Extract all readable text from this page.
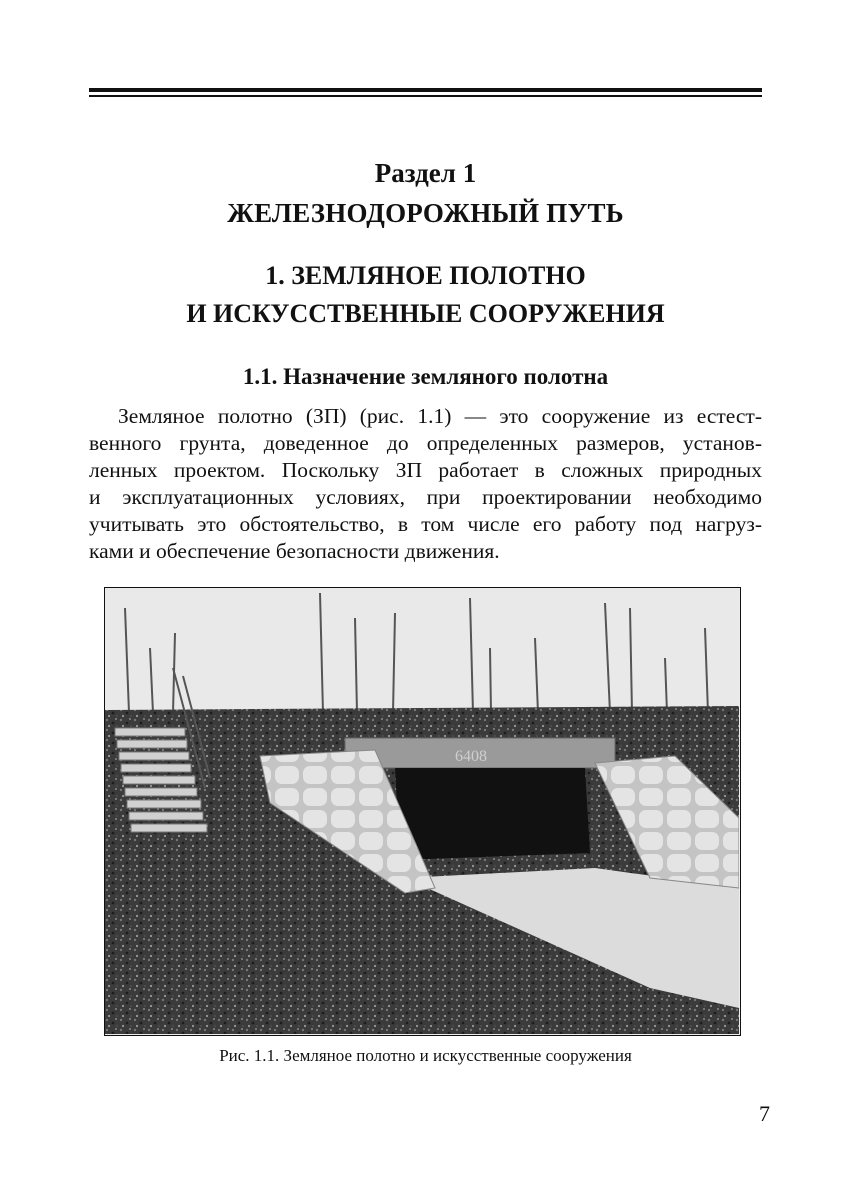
Раздел 1
ЖЕЛЕЗНОДОРОЖНЫЙ ПУТЬ
1. ЗЕМЛЯНОЕ ПОЛОТНО
И ИСКУССТВЕННЫЕ СООРУЖЕНИЯ
1.1. Назначение земляного полотна
Земляное полотно (ЗП) (рис. 1.1) — это сооружение из естест-
венного грунта, доведенное до определенных размеров, установ-
ленных проектом. Поскольку ЗП работает в сложных природных
и эксплуатационных условиях, при проектировании необходимо
учитывать это обстоятельство, в том числе его работу под нагруз-
ками и обеспечение безопасности движения.
6408
Рис. 1.1. Земляное полотно и искусственные сооружения
7
